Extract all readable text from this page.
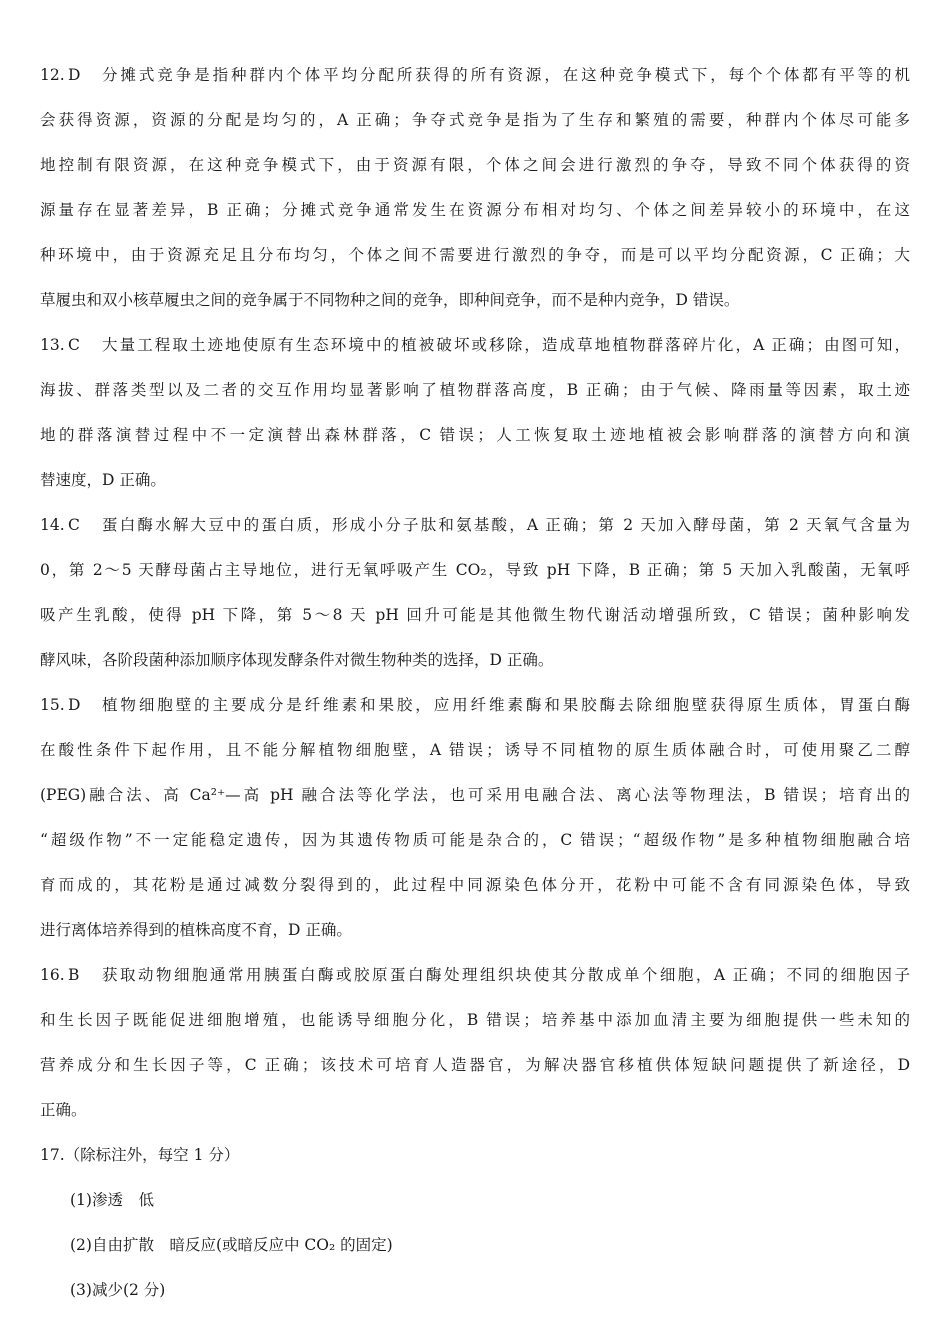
12. D	分摊式竞争是指种群内个体平均分配所获得的所有资源，在这种竞争模式下，每个个体都有平等的机
会获得资源，资源的分配是均匀的，A 正确；争夺式竞争是指为了生存和繁殖的需要，种群内个体尽可能多
地控制有限资源，在这种竞争模式下，由于资源有限，个体之间会进行激烈的争夺，导致不同个体获得的资
源量存在显著差异，B 正确；分摊式竞争通常发生在资源分布相对均匀、个体之间差异较小的环境中，在这
种环境中，由于资源充足且分布均匀，个体之间不需要进行激烈的争夺，而是可以平均分配资源，C 正确；大
草履虫和双小核草履虫之间的竞争属于不同物种之间的竞争，即种间竞争，而不是种内竞争，D 错误。
13. C	大量工程取土迹地使原有生态环境中的植被破坏或移除，造成草地植物群落碎片化，A 正确；由图可知，
海拔、群落类型以及二者的交互作用均显著影响了植物群落高度，B 正确；由于气候、降雨量等因素，取土迹
地的群落演替过程中不一定演替出森林群落，C 错误；人工恢复取土迹地植被会影响群落的演替方向和演
替速度，D 正确。
14. C	蛋白酶水解大豆中的蛋白质，形成小分子肽和氨基酸，A 正确；第 2 天加入酵母菌，第 2 天氧气含量为
0，第 2～5 天酵母菌占主导地位，进行无氧呼吸产生 CO₂，导致 pH 下降，B 正确；第 5 天加入乳酸菌，无氧呼
吸产生乳酸，使得 pH 下降，第 5～8 天 pH 回升可能是其他微生物代谢活动增强所致，C 错误；菌种影响发
酵风味，各阶段菌种添加顺序体现发酵条件对微生物种类的选择，D 正确。
15. D	植物细胞壁的主要成分是纤维素和果胶，应用纤维素酶和果胶酶去除细胞壁获得原生质体，胃蛋白酶
在酸性条件下起作用，且不能分解植物细胞壁，A 错误；诱导不同植物的原生质体融合时，可使用聚乙二醇
(PEG)融合法、高 Ca²⁺—高 pH 融合法等化学法，也可采用电融合法、离心法等物理法，B 错误；培育出的
“超级作物”不一定能稳定遗传，因为其遗传物质可能是杂合的，C 错误；“超级作物”是多种植物细胞融合培
育而成的，其花粉是通过减数分裂得到的，此过程中同源染色体分开，花粉中可能不含有同源染色体，导致
进行离体培养得到的植株高度不育，D 正确。
16. B	获取动物细胞通常用胰蛋白酶或胶原蛋白酶处理组织块使其分散成单个细胞，A 正确；不同的细胞因子
和生长因子既能促进细胞增殖，也能诱导细胞分化，B 错误；培养基中添加血清主要为细胞提供一些未知的
营养成分和生长因子等，C 正确；该技术可培育人造器官，为解决器官移植供体短缺问题提供了新途径，D
正确。
17.（除标注外，每空 1 分）
(1)渗透　低
(2)自由扩散　暗反应(或暗反应中 CO₂ 的固定)
(3)减少(2 分)
